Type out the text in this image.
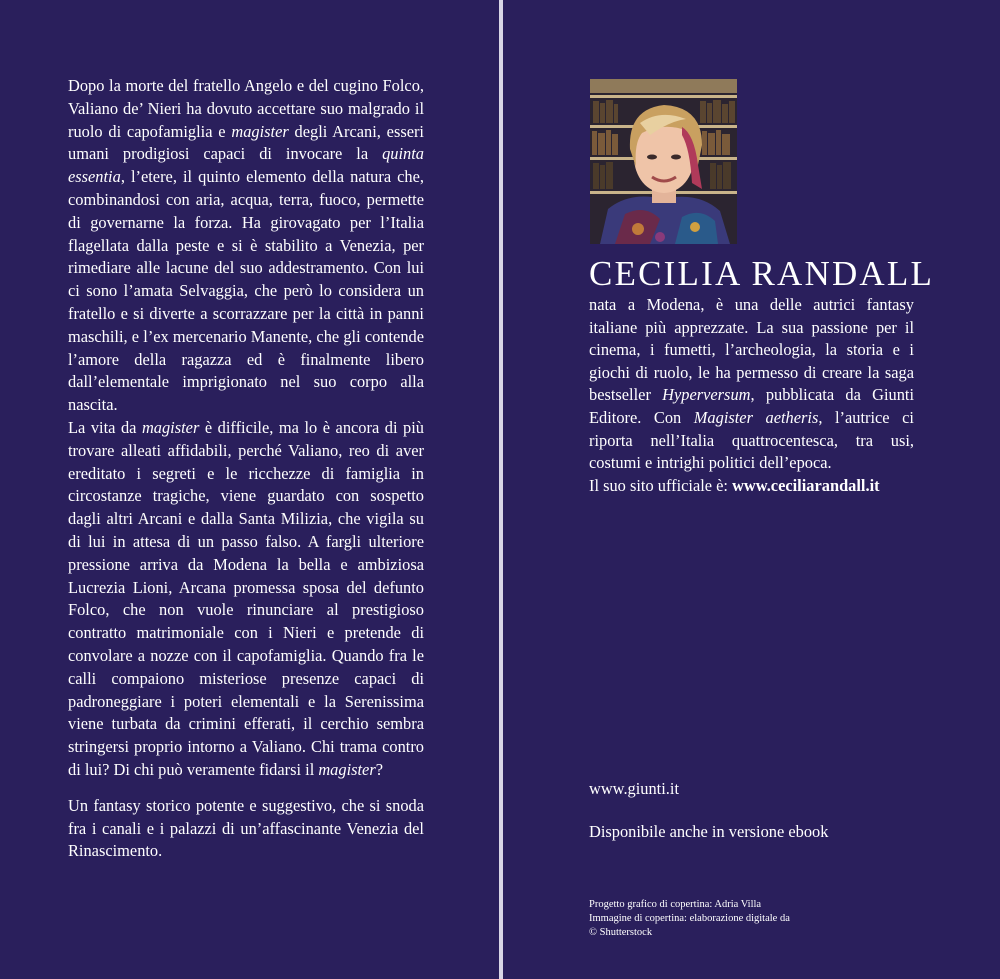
Dopo la morte del fratello Angelo e del cugino Folco, Valiano de’ Nieri ha dovuto accettare suo malgrado il ruolo di capofamiglia e magister degli Arcani, esseri umani prodigiosi capaci di invocare la quinta essentia, l’etere, il quinto elemento della natura che, combinandosi con aria, acqua, terra, fuoco, permette di governarne la forza. Ha girovagato per l’Italia flagellata dalla peste e si è stabilito a Venezia, per rimediare alle lacune del suo addestramento. Con lui ci sono l’amata Selvaggia, che però lo considera un fratello e si diverte a scorrazzare per la città in panni maschili, e l’ex mercenario Manente, che gli contende l’amore della ragazza ed è finalmente libero dall’elementale imprigionato nel suo corpo alla nascita.

La vita da magister è difficile, ma lo è ancora di più trovare alleati affidabili, perché Valiano, reo di aver ereditato i segreti e le ricchezze di famiglia in circostanze tragiche, viene guardato con sospetto dagli altri Arcani e dalla Santa Milizia, che vigila su di lui in attesa di un passo falso. A fargli ulteriore pressione arriva da Modena la bella e ambiziosa Lucrezia Lioni, Arcana promessa sposa del defunto Folco, che non vuole rinunciare al prestigioso contratto matrimoniale con i Nieri e pretende di convolare a nozze con il capofamiglia. Quando fra le calli compaiono misteriose presenze capaci di padroneggiare i poteri elementali e la Serenissima viene turbata da crimini efferati, il cerchio sembra stringersi proprio intorno a Valiano. Chi trama contro di lui? Di chi può veramente fidarsi il magister?

Un fantasy storico potente e suggestivo, che si snoda fra i canali e i palazzi di un’affascinante Venezia del Rinascimento.

CECILIA RANDALL

nata a Modena, è una delle autrici fantasy italiane più apprezzate. La sua passione per il cinema, i fumetti, l’archeologia, la storia e i giochi di ruolo, le ha permesso di creare la saga bestseller Hyperversum, pubblicata da Giunti Editore. Con Magister aetheris, l’autrice ci riporta nell’Italia quattrocentesca, tra usi, costumi e intrighi politici dell’epoca.

Il suo sito ufficiale è: www.ceciliarandall.it

www.giunti.it
Disponibile anche in versione ebook
Progetto grafico di copertina: Adria Villa
Immagine di copertina: elaborazione digitale da
© Shutterstock
